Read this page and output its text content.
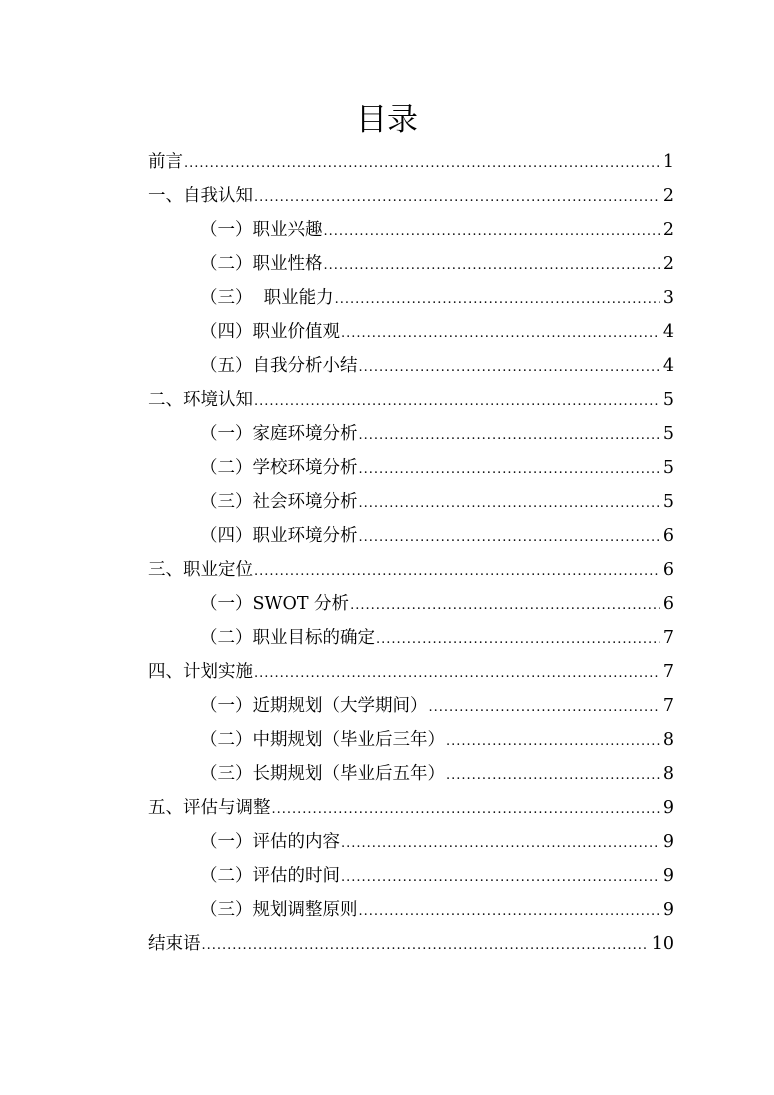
目录
前言 .....	1
一、自我认知 .....	2
（一）职业兴趣 .....	2
（二）职业性格 .....	2
（三）  职业能力 .....	3
（四）职业价值观 .....	4
（五）自我分析小结 .....	4
二、环境认知 .....	5
（一）家庭环境分析 .....	5
（二）学校环境分析 .....	5
（三）社会环境分析 .....	5
（四）职业环境分析 .....	6
三、职业定位 .....	6
（一）SWOT 分析 .....	6
（二）职业目标的确定 .....	7
四、计划实施 .....	7
（一）近期规划（大学期间） .....	7
（二）中期规划（毕业后三年） .....	8
（三）长期规划（毕业后五年） .....	8
五、评估与调整 .....	9
（一）评估的内容 .....	9
（二）评估的时间 .....	9
（三）规划调整原则 .....	9
结束语 .....	10
